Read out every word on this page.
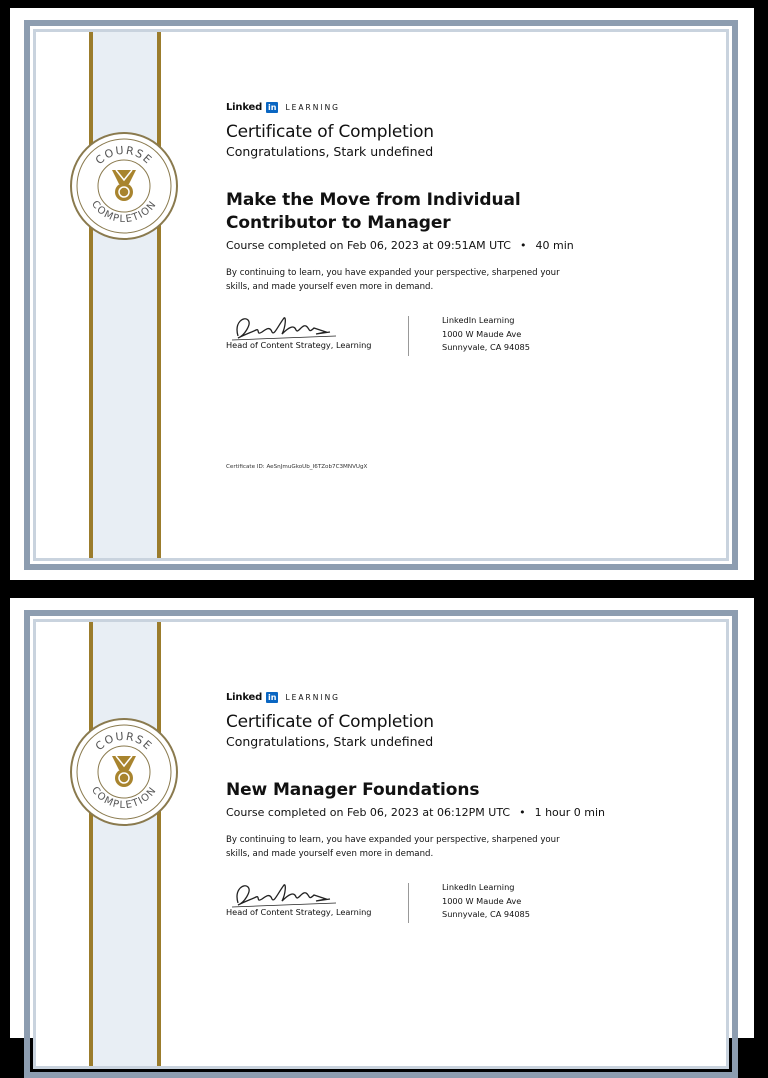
COURSE
COMPLETION
Linked in LEARNING
Certificate of Completion
Congratulations, Stark undefined
Make the Move from Individual
Contributor to Manager
Course completed on Feb 06, 2023 at 09:51AM UTC • 40 min
By continuing to learn, you have expanded your perspective, sharpened your
skills, and made yourself even more in demand.
Head of Content Strategy, Learning
LinkedIn Learning
1000 W Maude Ave
Sunnyvale, CA 94085
Certificate ID: AeSnJmuGkoUb_I6TZob7C3MNVUgX
COURSE
COMPLETION
Linked in LEARNING
Certificate of Completion
Congratulations, Stark undefined
New Manager Foundations
Course completed on Feb 06, 2023 at 06:12PM UTC • 1 hour 0 min
By continuing to learn, you have expanded your perspective, sharpened your
skills, and made yourself even more in demand.
Head of Content Strategy, Learning
LinkedIn Learning
1000 W Maude Ave
Sunnyvale, CA 94085
